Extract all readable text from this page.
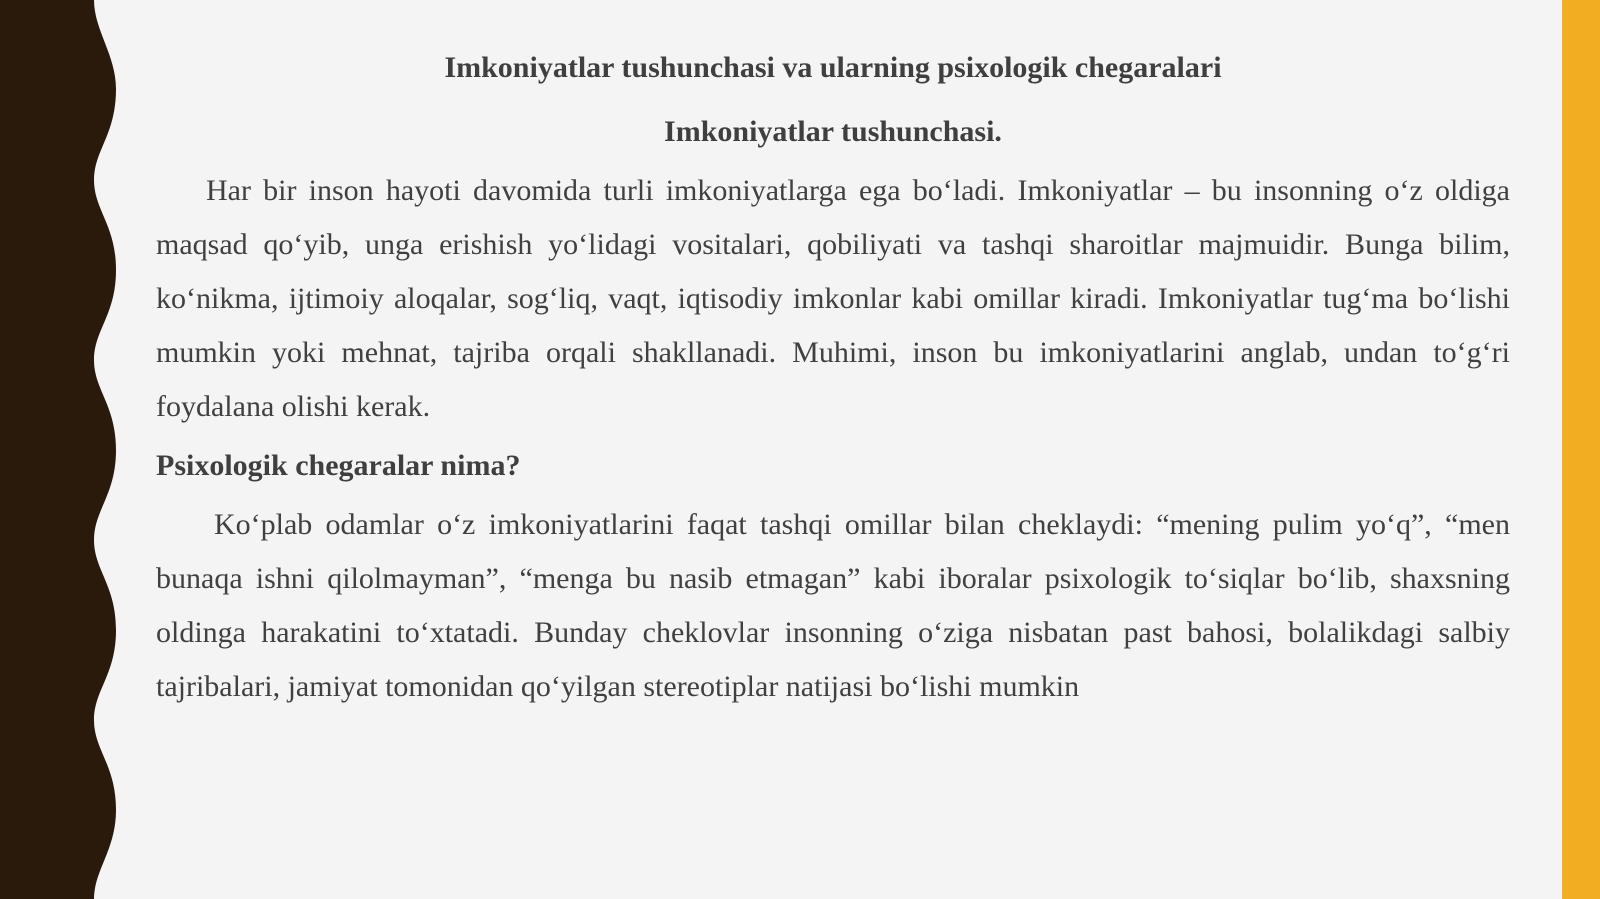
Imkoniyatlar tushunchasi va ularning psixologik chegaralari
Imkoniyatlar tushunchasi.

Har bir inson hayoti davomida turli imkoniyatlarga ega bo‘ladi. Imkoniyatlar – bu insonning o‘z oldiga maqsad qo‘yib, unga erishish yo‘lidagi vositalari, qobiliyati va tashqi sharoitlar majmuidir. Bunga bilim, ko‘nikma, ijtimoiy aloqalar, sog‘liq, vaqt, iqtisodiy imkonlar kabi omillar kiradi. Imkoniyatlar tug‘ma bo‘lishi mumkin yoki mehnat, tajriba orqali shakllanadi. Muhimi, inson bu imkoniyatlarini anglab, undan to‘g‘ri foydalana olishi kerak.

Psixologik chegaralar nima?

Ko‘plab odamlar o‘z imkoniyatlarini faqat tashqi omillar bilan cheklaydi: “mening pulim yo‘q”, “men bunaqa ishni qilolmayman”, “menga bu nasib etmagan” kabi iboralar psixologik to‘siqlar bo‘lib, shaxsning oldinga harakatini to‘xtatadi. Bunday cheklovlar insonning o‘ziga nisbatan past bahosi, bolalikdagi salbiy tajribalari, jamiyat tomonidan qo‘yilgan stereotiplar natijasi bo‘lishi mumkin
